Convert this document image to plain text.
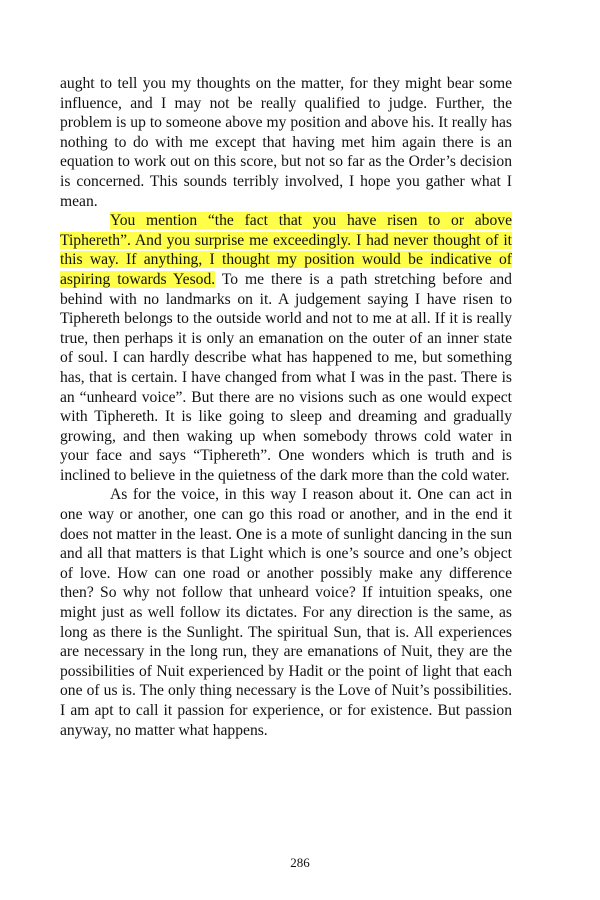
aught to tell you my thoughts on the matter, for they might bear some influence, and I may not be really qualified to judge. Further, the problem is up to someone above my position and above his. It really has nothing to do with me except that having met him again there is an equation to work out on this score, but not so far as the Order’s decision is concerned. This sounds terribly involved, I hope you gather what I mean.

You mention “the fact that you have risen to or above Tiphereth”. And you surprise me exceedingly. I had never thought of it this way. If anything, I thought my position would be indicative of aspiring towards Yesod. To me there is a path stretching before and behind with no landmarks on it. A judgement saying I have risen to Tiphereth belongs to the outside world and not to me at all. If it is really true, then perhaps it is only an emanation on the outer of an inner state of soul. I can hardly describe what has happened to me, but something has, that is certain. I have changed from what I was in the past. There is an “unheard voice”. But there are no visions such as one would expect with Tiphereth. It is like going to sleep and dreaming and gradually growing, and then waking up when somebody throws cold water in your face and says “Tiphereth”. One wonders which is truth and is inclined to believe in the quietness of the dark more than the cold water.

As for the voice, in this way I reason about it. One can act in one way or another, one can go this road or another, and in the end it does not matter in the least. One is a mote of sunlight dancing in the sun and all that matters is that Light which is one’s source and one’s object of love. How can one road or another possibly make any difference then? So why not follow that unheard voice? If intuition speaks, one might just as well follow its dictates. For any direction is the same, as long as there is the Sunlight. The spiritual Sun, that is. All experiences are necessary in the long run, they are emanations of Nuit, they are the possibilities of Nuit experienced by Hadit or the point of light that each one of us is. The only thing necessary is the Love of Nuit’s possibilities. I am apt to call it passion for experience, or for existence. But passion anyway, no matter what happens.

286
